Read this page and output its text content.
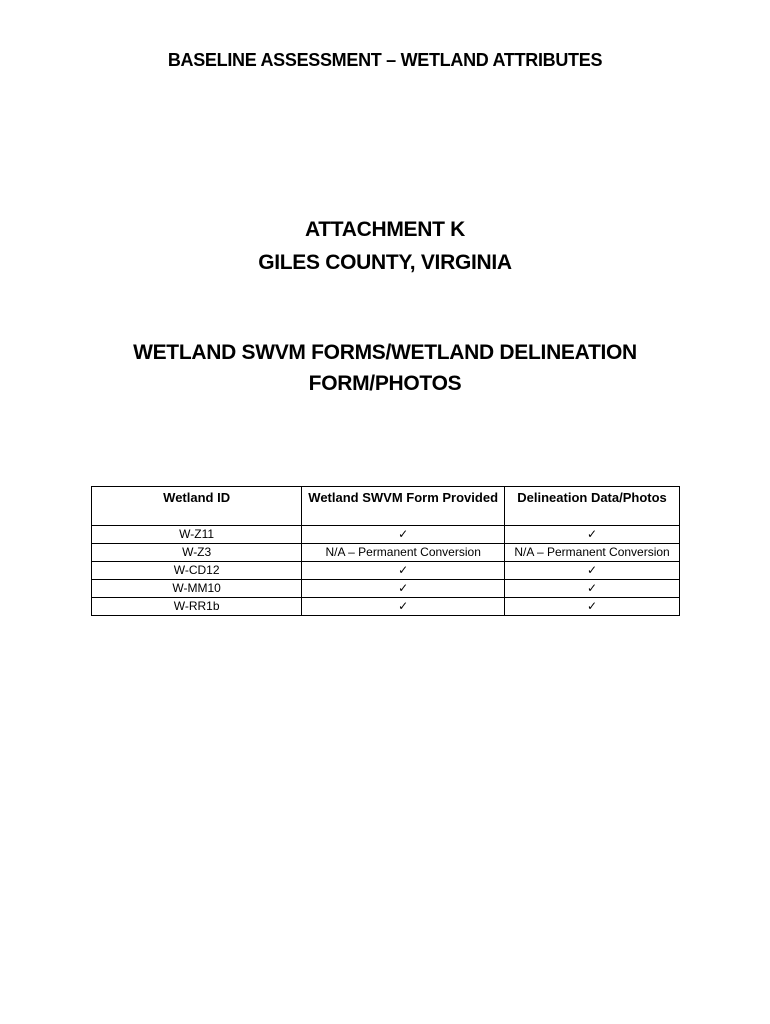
BASELINE ASSESSMENT – WETLAND ATTRIBUTES
ATTACHMENT K
GILES COUNTY, VIRGINIA
WETLAND SWVM FORMS/WETLAND DELINEATION
FORM/PHOTOS
Wetland ID	Wetland SWVM Form Provided	Delineation Data/Photos
W-Z11	✓	✓
W-Z3	N/A – Permanent Conversion	N/A – Permanent Conversion
W-CD12	✓	✓
W-MM10	✓	✓
W-RR1b	✓	✓
